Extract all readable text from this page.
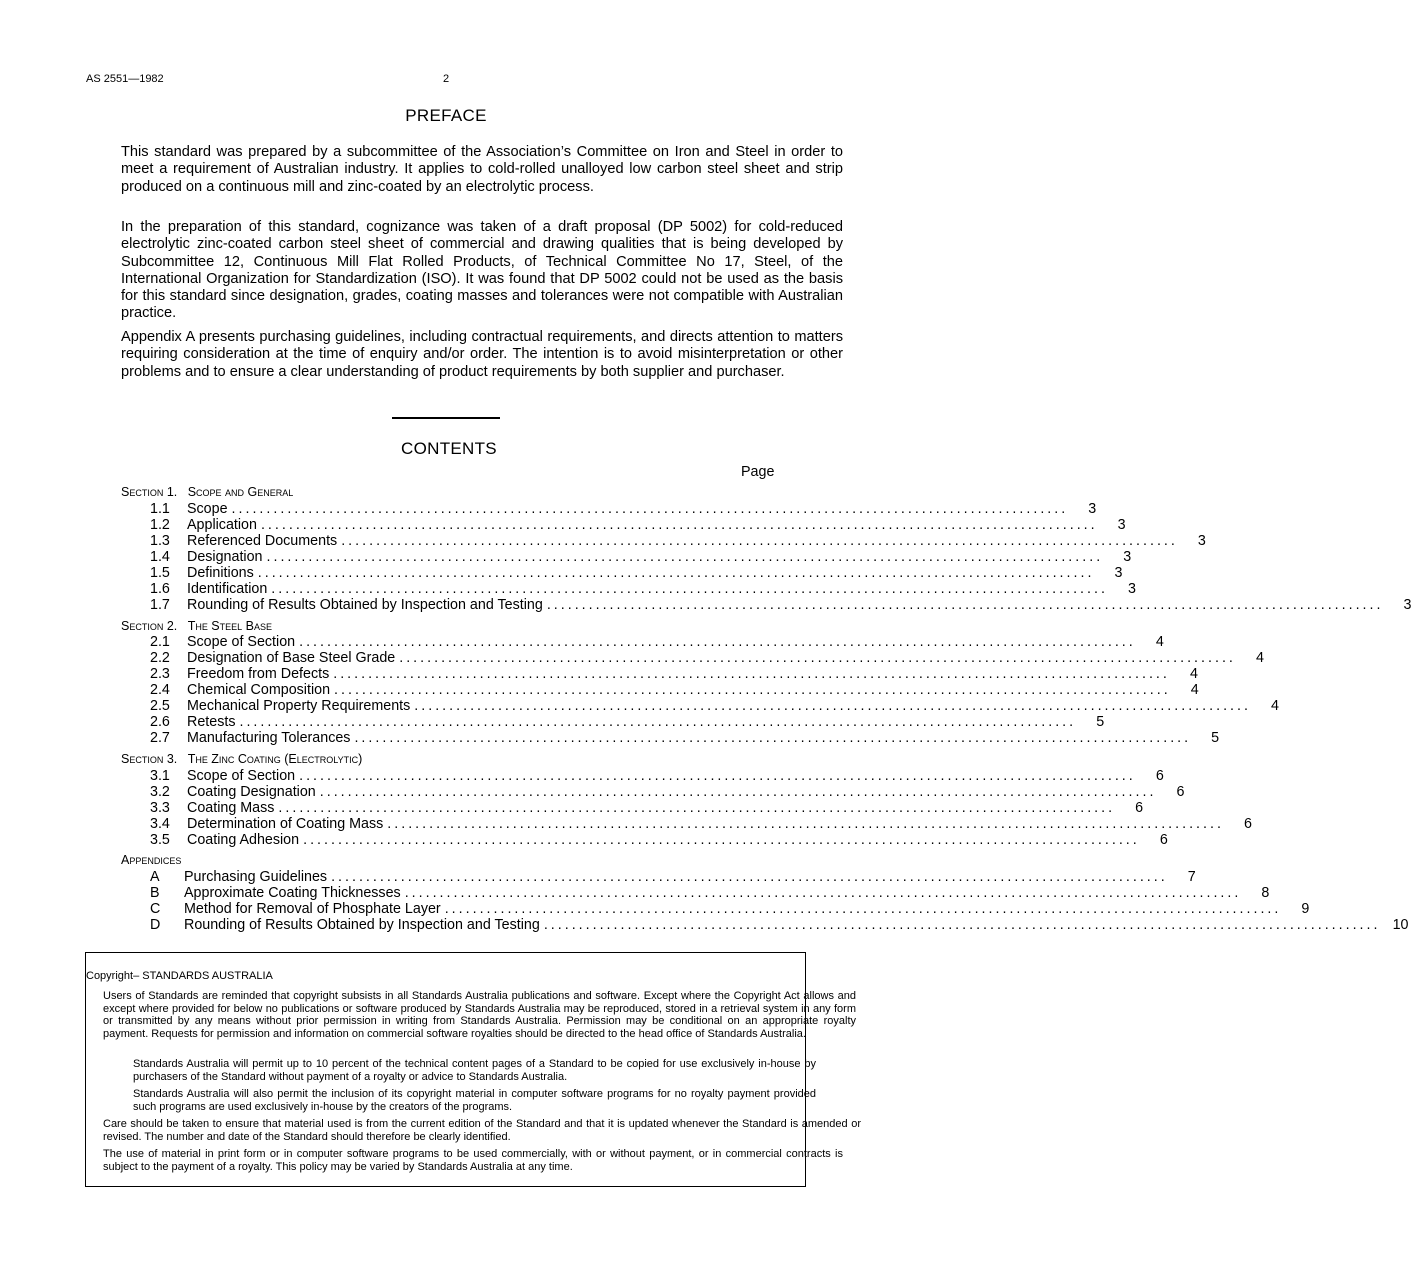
AS 2551—1982	2
PREFACE

This standard was prepared by a subcommittee of the Association’s Committee on Iron and Steel in order to meet a requirement of Australian industry. It applies to cold-rolled unalloyed low carbon steel sheet and strip produced on a continuous mill and zinc-coated by an electrolytic process.

In the preparation of this standard, cognizance was taken of a draft proposal (DP 5002) for cold-reduced electrolytic zinc-coated carbon steel sheet of commercial and drawing qualities that is being developed by Subcommittee 12, Continuous Mill Flat Rolled Products, of Technical Committee No 17, Steel, of the International Organization for Standardization (ISO). It was found that DP 5002 could not be used as the basis for this standard since designation, grades, coating masses and tolerances were not compatible with Australian practice.

Appendix A presents purchasing guidelines, including contractual requirements, and directs attention to matters requiring consideration at the time of enquiry and/or order. The intention is to avoid misinterpretation or other problems and to ensure a clear understanding of product requirements by both supplier and purchaser.

CONTENTS
Page
Section 1. Scope and General
1.1	Scope ........................................................................................................................	3
1.2	Application ........................................................................................................................	3
1.3	Referenced Documents ........................................................................................................................	3
1.4	Designation ........................................................................................................................	3
1.5	Definitions ........................................................................................................................	3
1.6	Identification ........................................................................................................................	3
1.7	Rounding of Results Obtained by Inspection and Testing ........................................................................................................................	3
Section 2. The Steel Base
2.1	Scope of Section ........................................................................................................................	4
2.2	Designation of Base Steel Grade ........................................................................................................................	4
2.3	Freedom from Defects ........................................................................................................................	4
2.4	Chemical Composition ........................................................................................................................	4
2.5	Mechanical Property Requirements ........................................................................................................................	4
2.6	Retests ........................................................................................................................	5
2.7	Manufacturing Tolerances ........................................................................................................................	5
Section 3. The Zinc Coating (Electrolytic)
3.1	Scope of Section ........................................................................................................................	6
3.2	Coating Designation ........................................................................................................................	6
3.3	Coating Mass ........................................................................................................................	6
3.4	Determination of Coating Mass ........................................................................................................................	6
3.5	Coating Adhesion ........................................................................................................................	6
Appendices
A	Purchasing Guidelines ........................................................................................................................	7
B	Approximate Coating Thicknesses ........................................................................................................................	8
C	Method for Removal of Phosphate Layer ........................................................................................................................	9
D	Rounding of Results Obtained by Inspection and Testing ........................................................................................................................ 10

Copyright– STANDARDS AUSTRALIA

Users of Standards are reminded that copyright subsists in all Standards Australia publications and software. Except where the Copyright Act allows and except where provided for below no publications or software produced by Standards Australia may be reproduced, stored in a retrieval system in any form or transmitted by any means without prior permission in writing from Standards Australia. Permission may be conditional on an appropriate royalty payment. Requests for permission and information on commercial software royalties should be directed to the head office of Standards Australia.

Standards Australia will permit up to 10 percent of the technical content pages of a Standard to be copied for use exclusively in-house by purchasers of the Standard without payment of a royalty or advice to Standards Australia.

Standards Australia will also permit the inclusion of its copyright material in computer software programs for no royalty payment provided such programs are used exclusively in-house by the creators of the programs.

Care should be taken to ensure that material used is from the current edition of the Standard and that it is updated whenever the Standard is amended or revised. The number and date of the Standard should therefore be clearly identified.

The use of material in print form or in computer software programs to be used commercially, with or without payment, or in commercial contracts is subject to the payment of a royalty. This policy may be varied by Standards Australia at any time.
